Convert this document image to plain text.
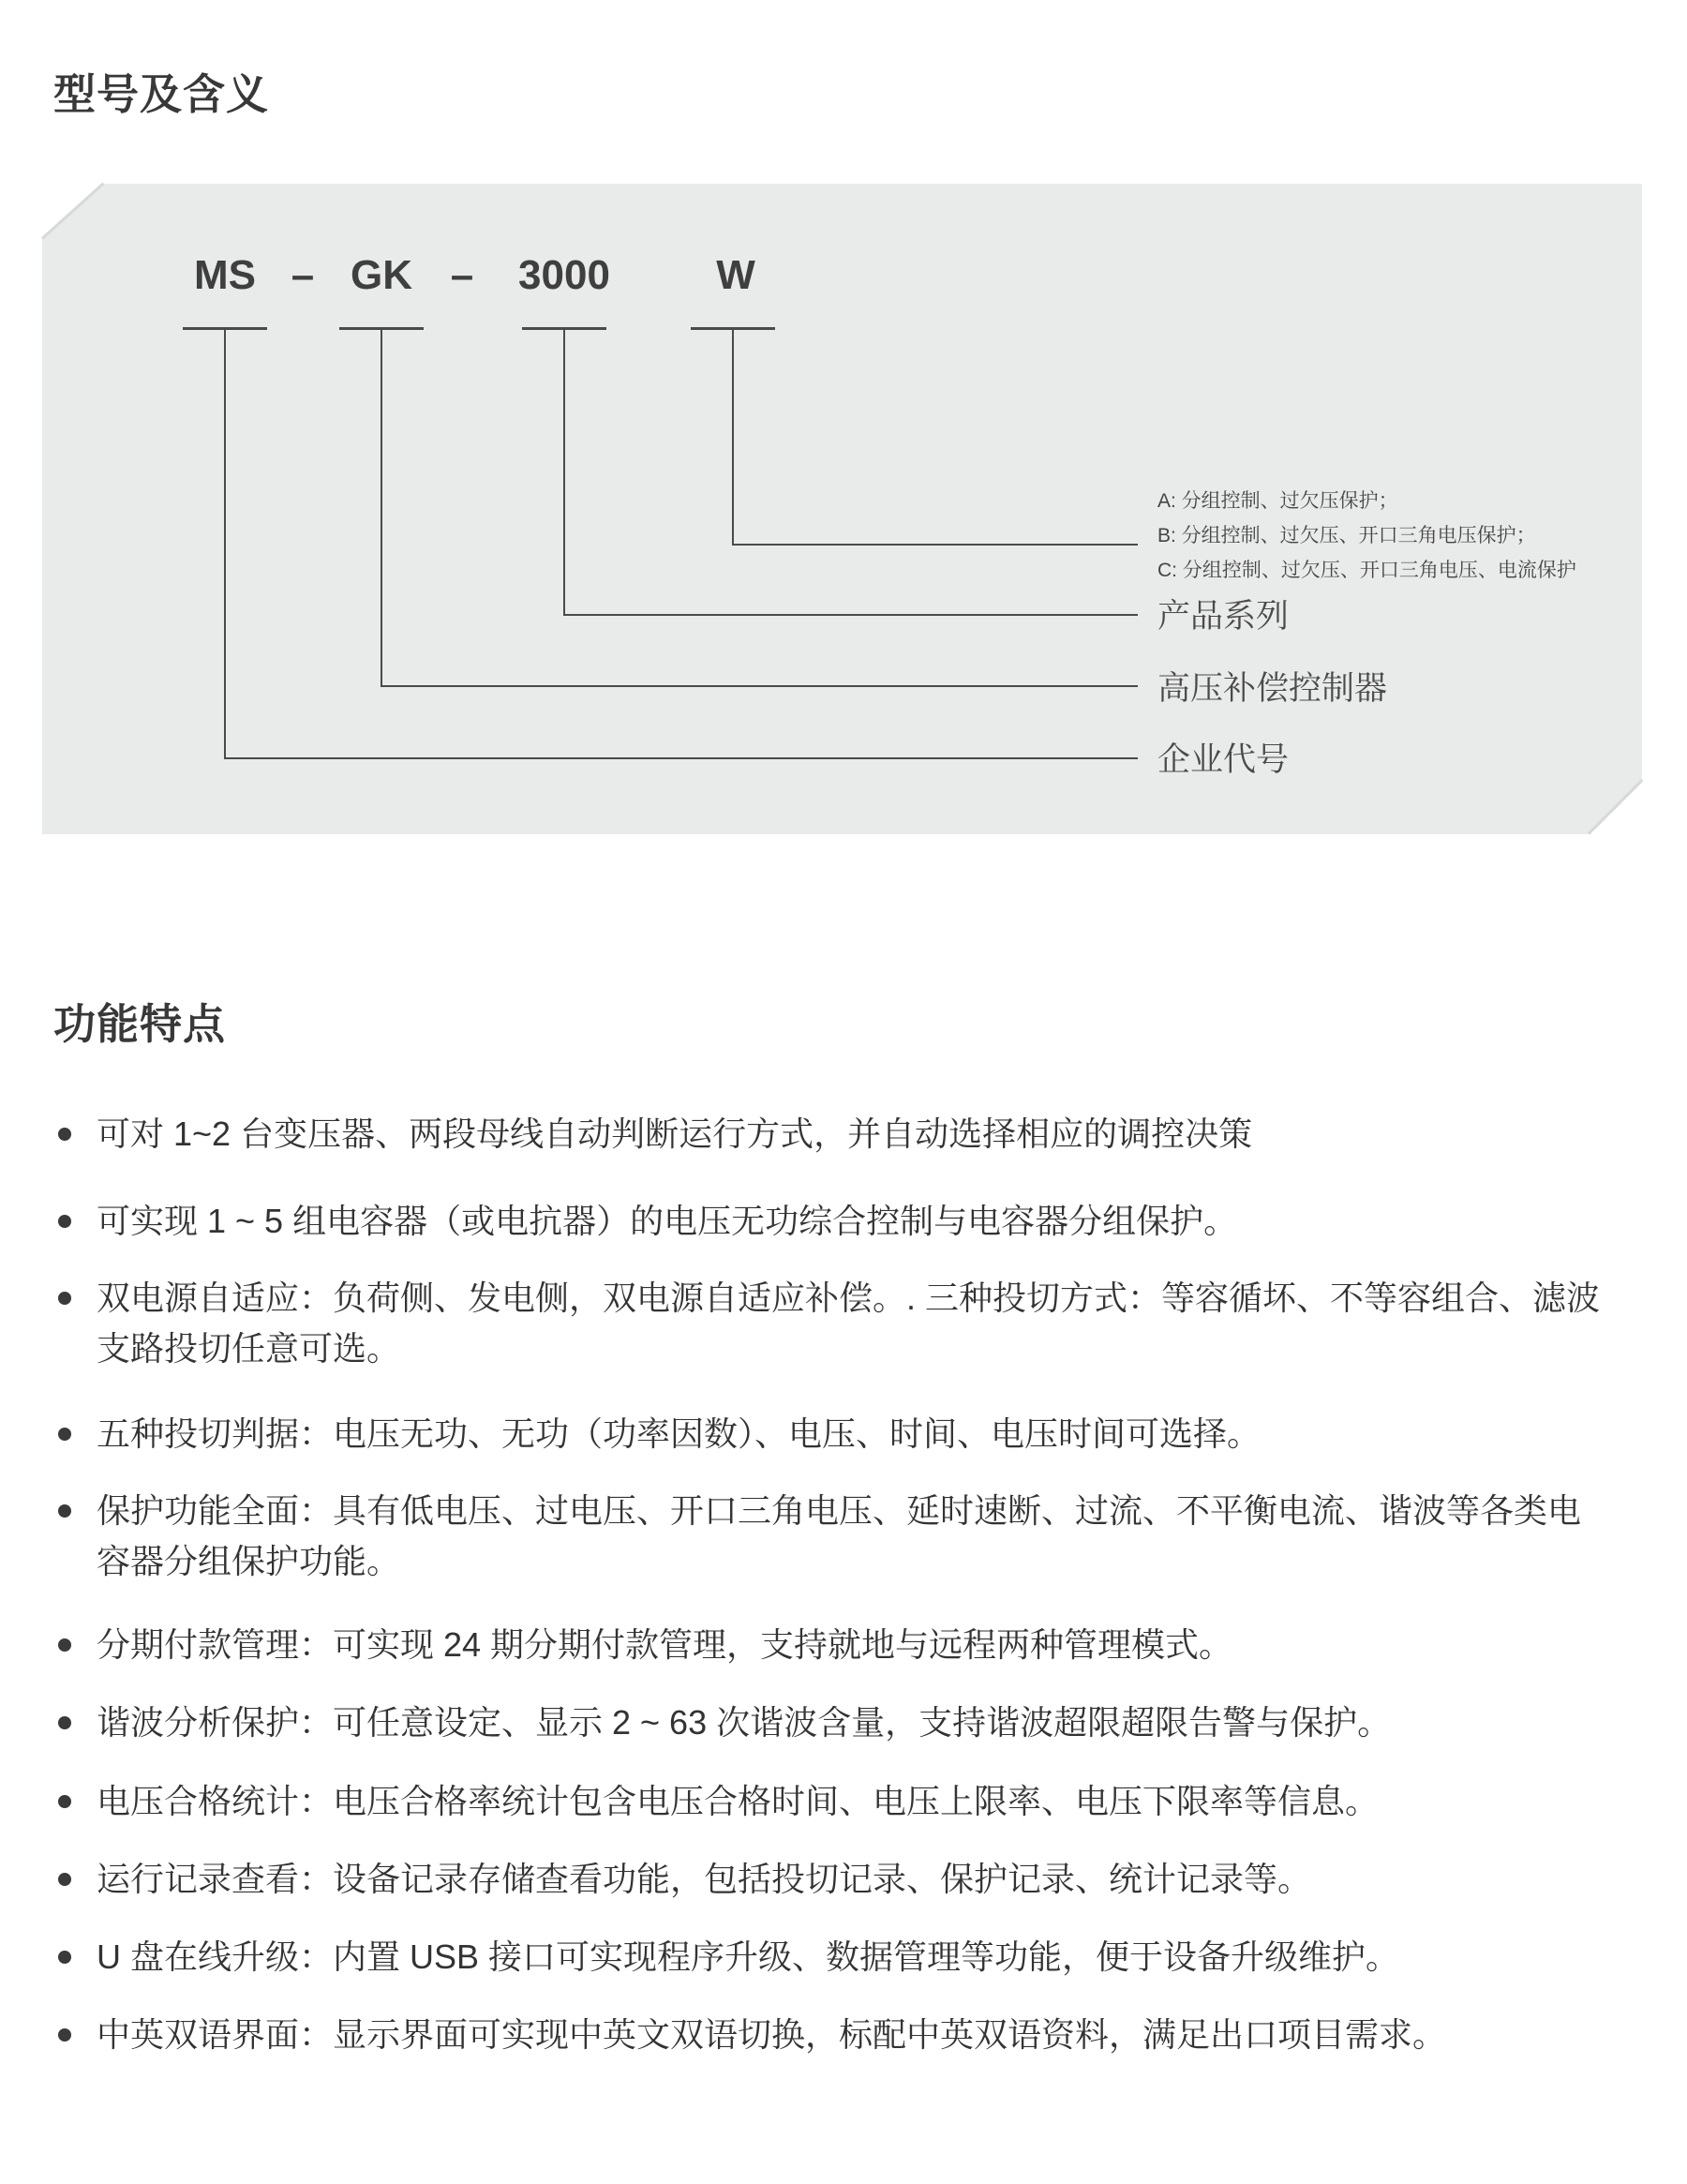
型号及含义
MS – GK – 3000	W
A: 分组控制、过欠压保护；
B: 分组控制、过欠压、开口三角电压保护；
C: 分组控制、过欠压、开口三角电压、电流保护
产品系列
高压补偿控制器
企业代号
功能特点
可对 1~2 台变压器、两段母线自动判断运行方式，并自动选择相应的调控决策
可实现 1 ~ 5 组电容器（或电抗器）的电压无功综合控制与电容器分组保护。
双电源自适应：负荷侧、发电侧，双电源自适应补偿。. 三种投切方式：等容循坏、不等容组合、滤波
支路投切任意可选。
五种投切判据：电压无功、无功（功率因数）、电压、时间、电压时间可选择。
保护功能全面：具有低电压、过电压、开口三角电压、延时速断、过流、不平衡电流、谐波等各类电
容器分组保护功能。
分期付款管理：可实现 24 期分期付款管理，支持就地与远程两种管理模式。
谐波分析保护：可任意设定、显示 2 ~ 63 次谐波含量，支持谐波超限超限告警与保护。
电压合格统计：电压合格率统计包含电压合格时间、电压上限率、电压下限率等信息。
运行记录查看：设备记录存储查看功能，包括投切记录、保护记录、统计记录等。
U 盘在线升级：内置 USB 接口可实现程序升级、数据管理等功能，便于设备升级维护。
中英双语界面：显示界面可实现中英文双语切换，标配中英双语资料，满足出口项目需求。
